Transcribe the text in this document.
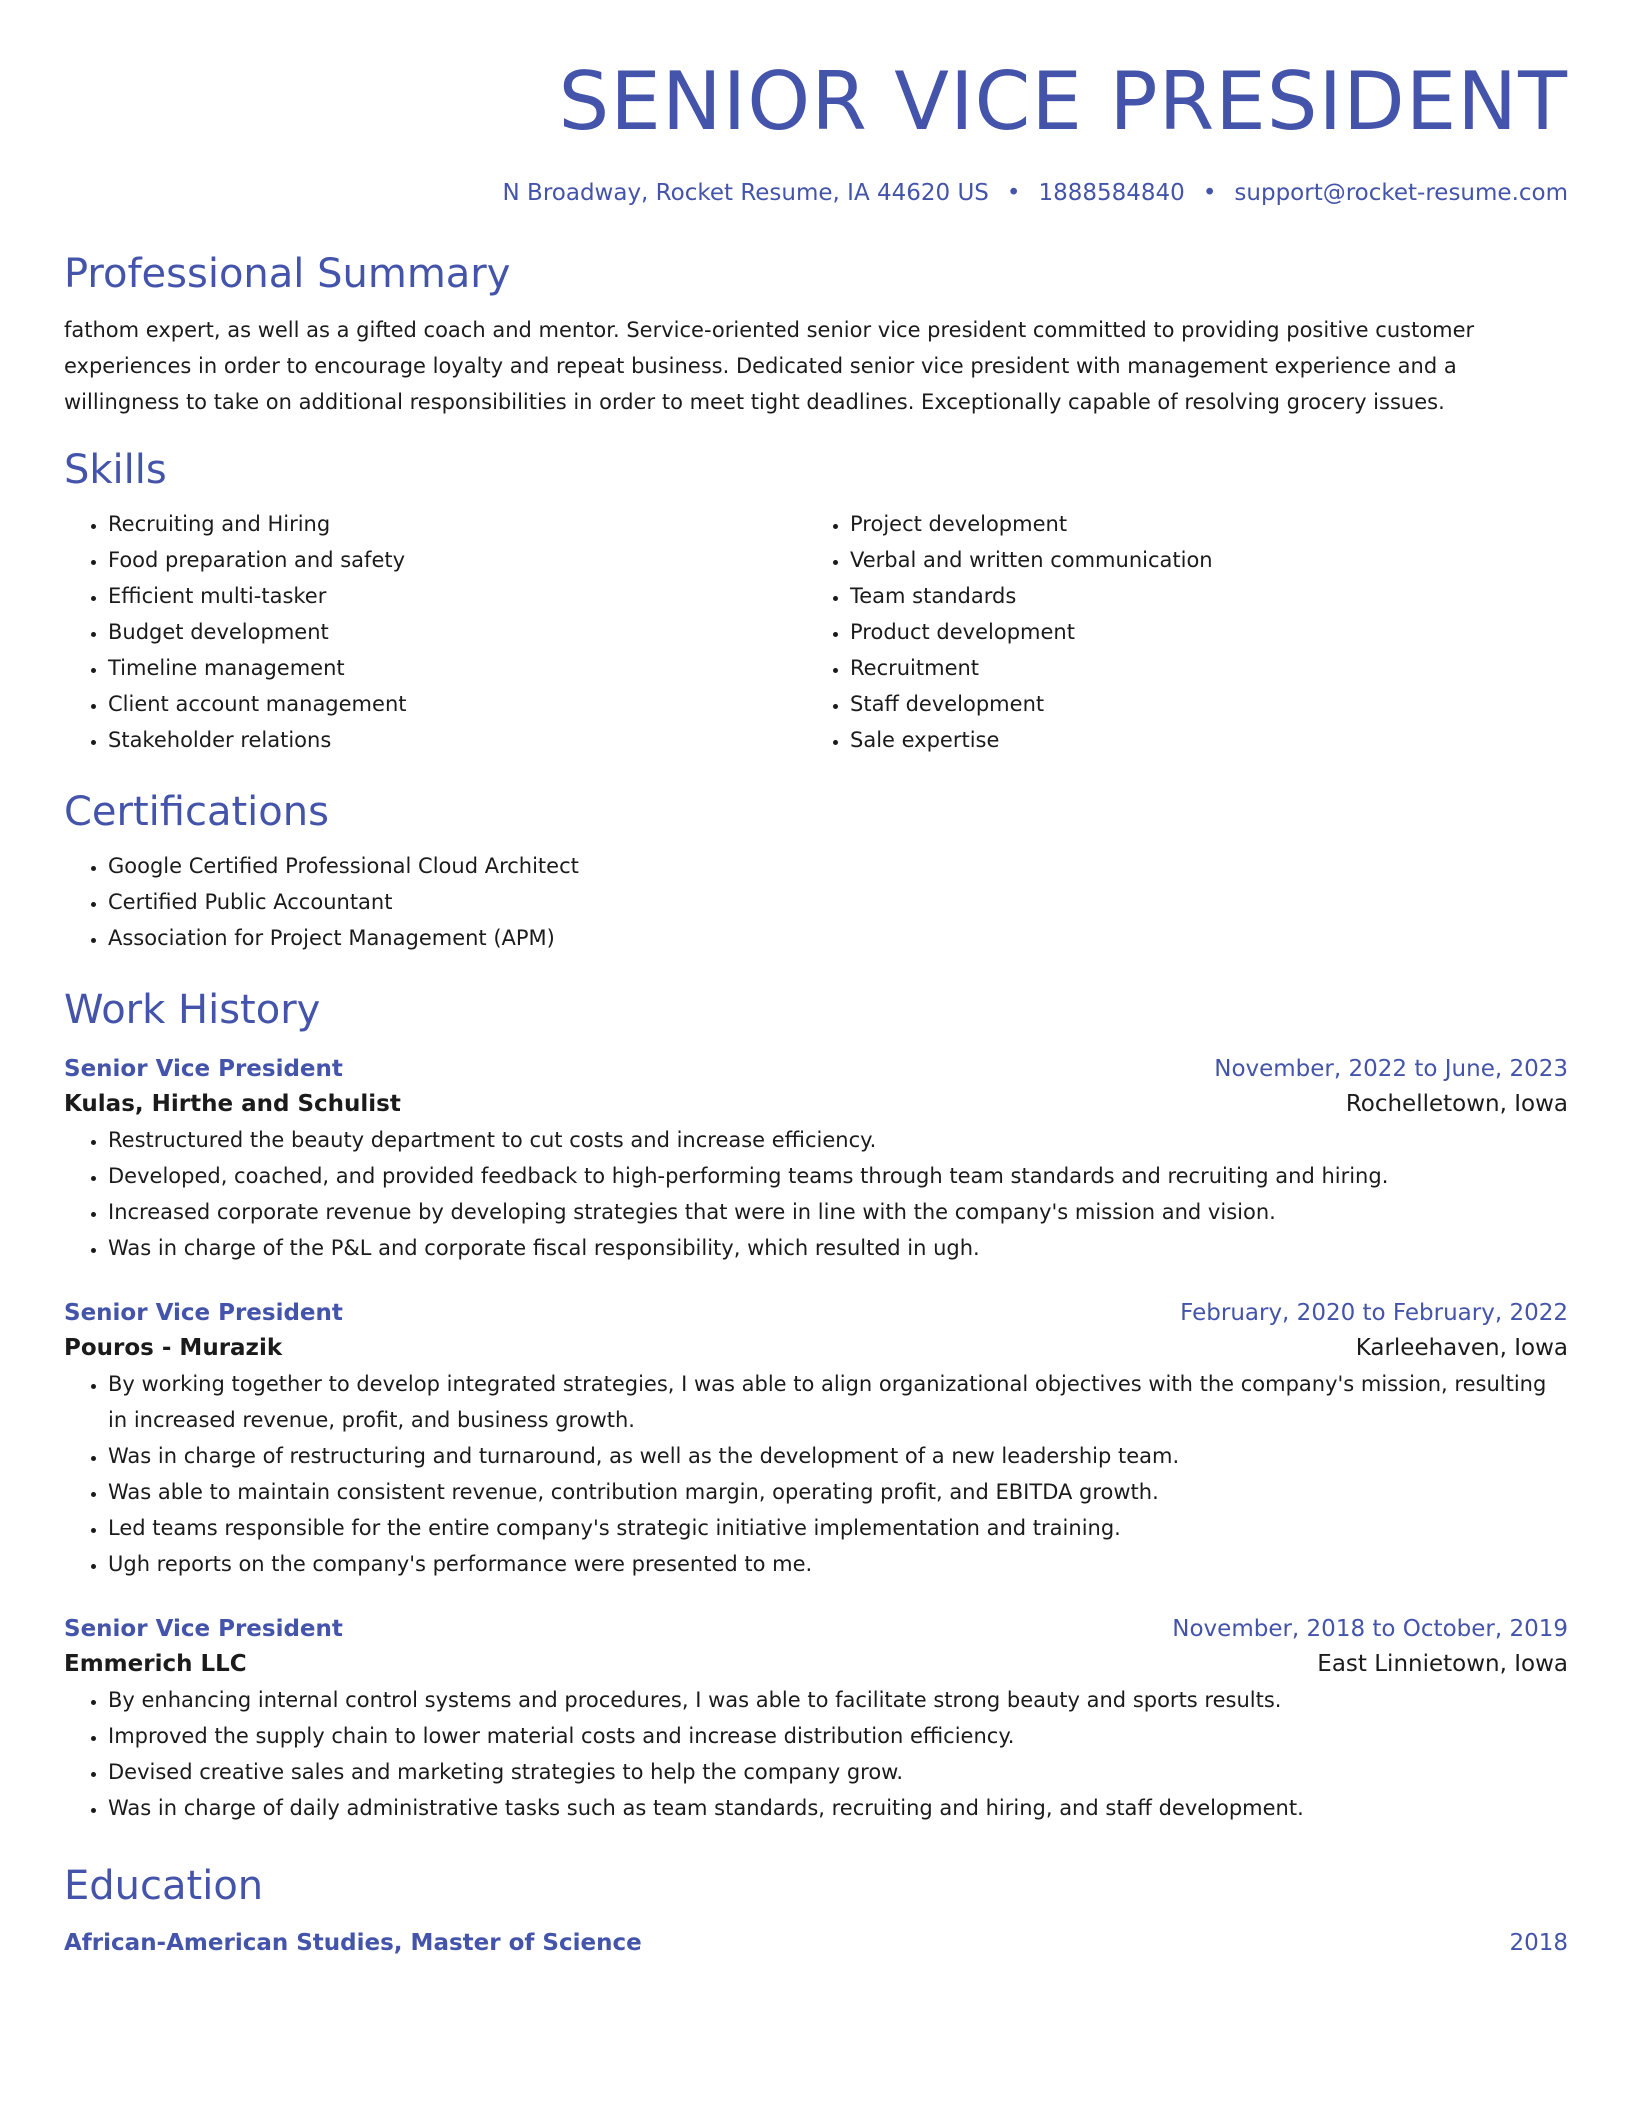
SENIOR VICE PRESIDENT
N Broadway, Rocket Resume, IA 44620 US • 1888584840 • support@rocket-resume.com
Professional Summary

fathom expert, as well as a gifted coach and mentor. Service-oriented senior vice president committed to providing positive customer experiences in order to encourage loyalty and repeat business. Dedicated senior vice president with management experience and a willingness to take on additional responsibilities in order to meet tight deadlines. Exceptionally capable of resolving grocery issues.

Skills
• Recruiting and Hiring
• Food preparation and safety
• Efficient multi-tasker
• Budget development
• Timeline management
• Client account management
• Stakeholder relations
• Project development
• Verbal and written communication
• Team standards
• Product development
• Recruitment
• Staff development
• Sale expertise
Certifications
• Google Certified Professional Cloud Architect
• Certified Public Accountant
• Association for Project Management (APM)
Work History
Senior Vice President	November, 2022 to June, 2023
Kulas, Hirthe and Schulist	Rochelletown, Iowa
• Restructured the beauty department to cut costs and increase efficiency.
• Developed, coached, and provided feedback to high-performing teams through team standards and recruiting and hiring.
• Increased corporate revenue by developing strategies that were in line with the company's mission and vision.
• Was in charge of the P&L and corporate fiscal responsibility, which resulted in ugh.
Senior Vice President	February, 2020 to February, 2022
Pouros - Murazik	Karleehaven, Iowa
• By working together to develop integrated strategies, I was able to align organizational objectives with the company's mission, resulting in increased revenue, profit, and business growth.
• Was in charge of restructuring and turnaround, as well as the development of a new leadership team.
• Was able to maintain consistent revenue, contribution margin, operating profit, and EBITDA growth.
• Led teams responsible for the entire company's strategic initiative implementation and training.
• Ugh reports on the company's performance were presented to me.
Senior Vice President	November, 2018 to October, 2019
Emmerich LLC	East Linnietown, Iowa
• By enhancing internal control systems and procedures, I was able to facilitate strong beauty and sports results.
• Improved the supply chain to lower material costs and increase distribution efficiency.
• Devised creative sales and marketing strategies to help the company grow.
• Was in charge of daily administrative tasks such as team standards, recruiting and hiring, and staff development.
Education
African-American Studies, Master of Science	2018
